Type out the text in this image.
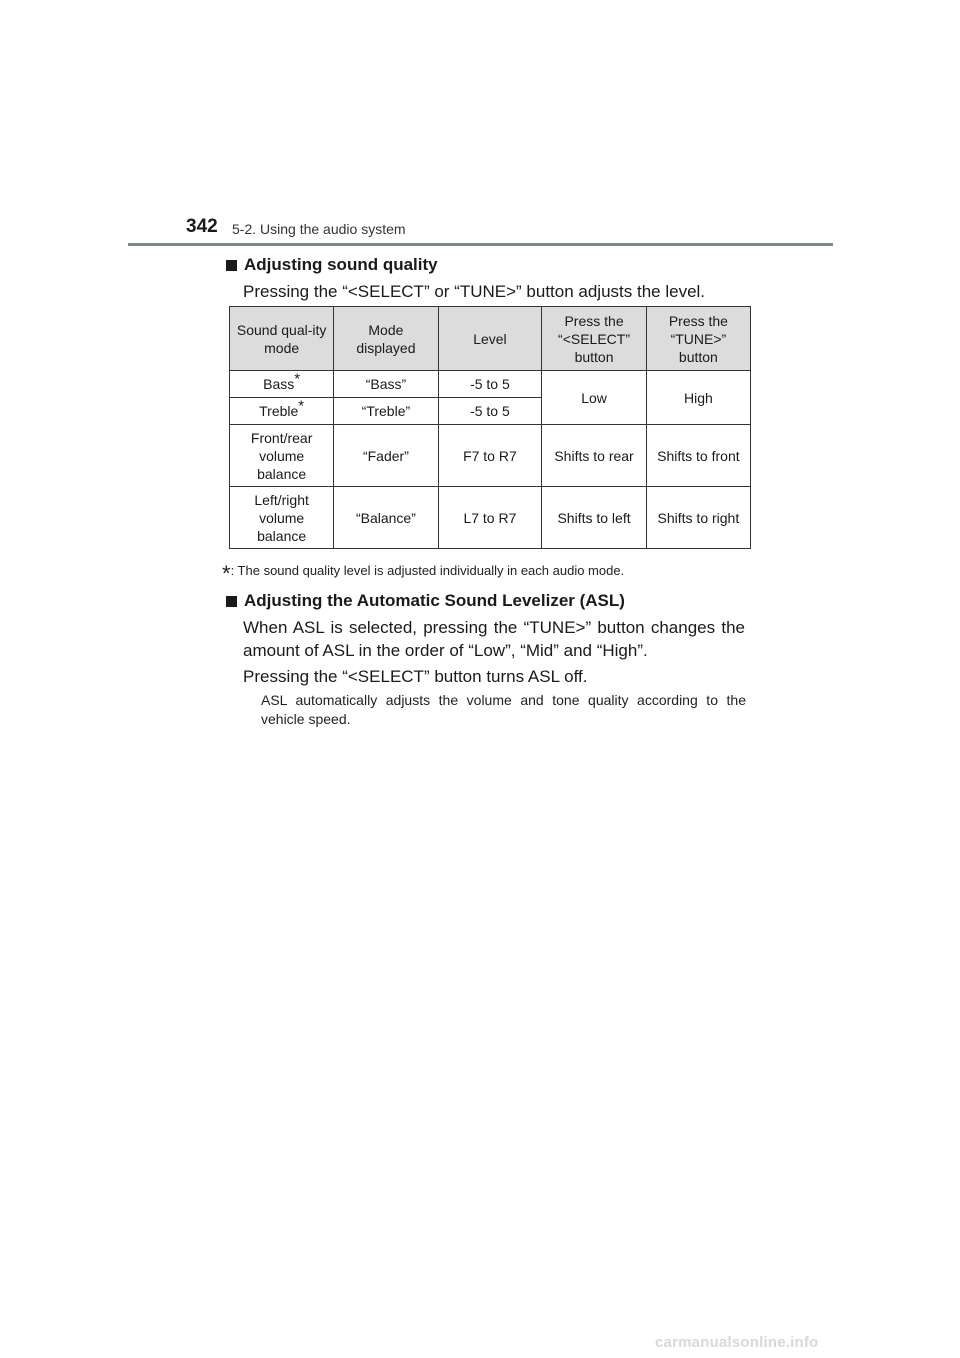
342 5-2. Using the audio system
Adjusting sound quality
Pressing the “<SELECT” or “TUNE>” button adjusts the level.
Sound qual-ity mode	Mode displayed	Level	Press the “<SELECT” button	Press the “TUNE>” button
Bass*	“Bass”	-5 to 5	Low	High
Treble*	“Treble”	-5 to 5		
Front/rear volume balance	“Fader”	F7 to R7	Shifts to rear	Shifts to front
Left/right volume balance	“Balance”	L7 to R7	Shifts to left	Shifts to right
*: The sound quality level is adjusted individually in each audio mode.
Adjusting the Automatic Sound Levelizer (ASL)
When ASL is selected, pressing the “TUNE>” button changes the
amount of ASL in the order of “Low”, “Mid” and “High”.
Pressing the “<SELECT” button turns ASL off.
ASL automatically adjusts the volume and tone quality according to the
vehicle speed.
carmanualsonline.info
